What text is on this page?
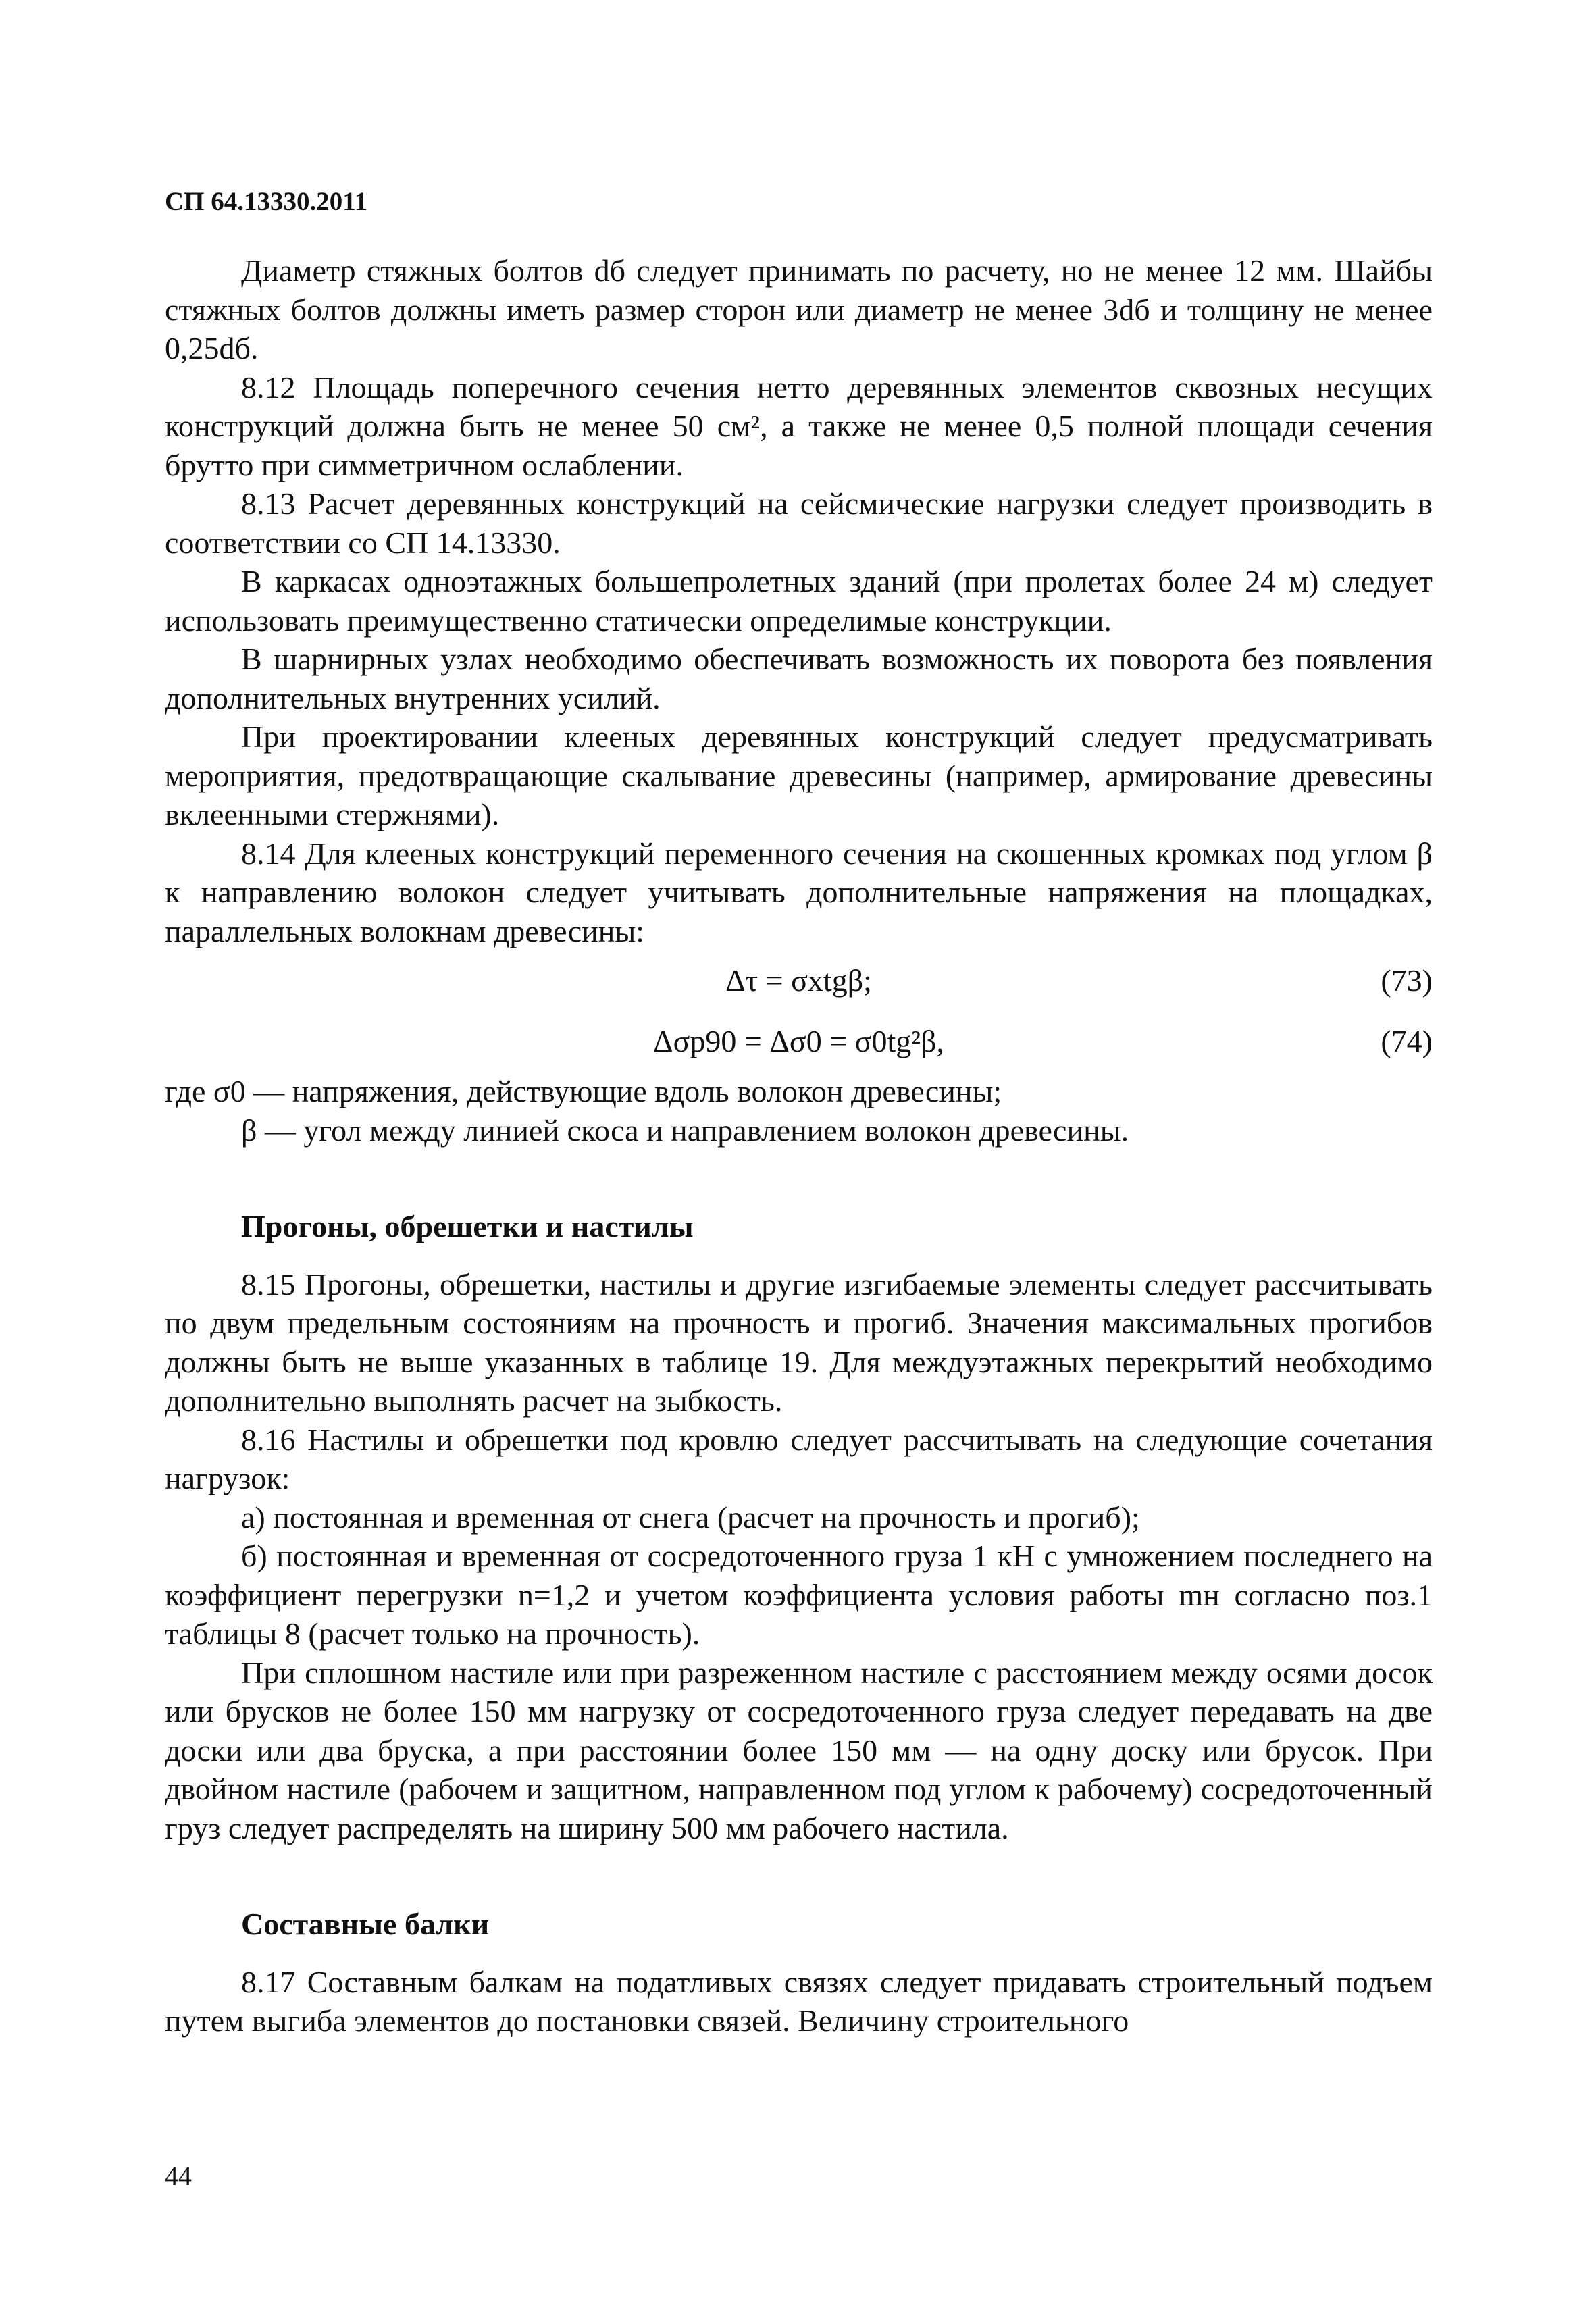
СП 64.13330.2011

Диаметр стяжных болтов dб следует принимать по расчету, но не менее 12 мм. Шайбы стяжных болтов должны иметь размер сторон или диаметр не менее 3dб и толщину не менее 0,25dб.

8.12 Площадь поперечного сечения нетто деревянных элементов сквозных несущих конструкций должна быть не менее 50 см², а также не менее 0,5 полной площади сечения брутто при симметричном ослаблении.

8.13 Расчет деревянных конструкций на сейсмические нагрузки следует производить в соответствии со СП 14.13330.

В каркасах одноэтажных большепролетных зданий (при пролетах более 24 м) следует использовать преимущественно статически определимые конструкции.

В шарнирных узлах необходимо обеспечивать возможность их поворота без появления дополнительных внутренних усилий.

При проектировании клееных деревянных конструкций следует предусматривать мероприятия, предотвращающие скалывание древесины (например, армирование древесины вклеенными стержнями).

8.14 Для клееных конструкций переменного сечения на скошенных кромках под углом β к направлению волокон следует учитывать дополнительные напряжения на площадках, параллельных волокнам древесины:

Δτ = σxtgβ;	(73)
Δσp90 = Δσ0 = σ0tg²β,	(74)

где σ0 — напряжения, действующие вдоль волокон древесины;

β — угол между линией скоса и направлением волокон древесины.

Прогоны, обрешетки и настилы

8.15 Прогоны, обрешетки, настилы и другие изгибаемые элементы следует рассчитывать по двум предельным состояниям на прочность и прогиб. Значения максимальных прогибов должны быть не выше указанных в таблице 19. Для междуэтажных перекрытий необходимо дополнительно выполнять расчет на зыбкость.

8.16 Настилы и обрешетки под кровлю следует рассчитывать на следующие сочетания нагрузок:

а) постоянная и временная от снега (расчет на прочность и прогиб);

б) постоянная и временная от сосредоточенного груза 1 кН с умножением последнего на коэффициент перегрузки n=1,2 и учетом коэффициента условия работы mн согласно поз.1 таблицы 8 (расчет только на прочность).

При сплошном настиле или при разреженном настиле с расстоянием между осями досок или брусков не более 150 мм нагрузку от сосредоточенного груза следует передавать на две доски или два бруска, а при расстоянии более 150 мм — на одну доску или брусок. При двойном настиле (рабочем и защитном, направленном под углом к рабочему) сосредоточенный груз следует распределять на ширину 500 мм рабочего настила.

Составные балки

8.17 Составным балкам на податливых связях следует придавать строительный подъем путем выгиба элементов до постановки связей. Величину строительного

44
